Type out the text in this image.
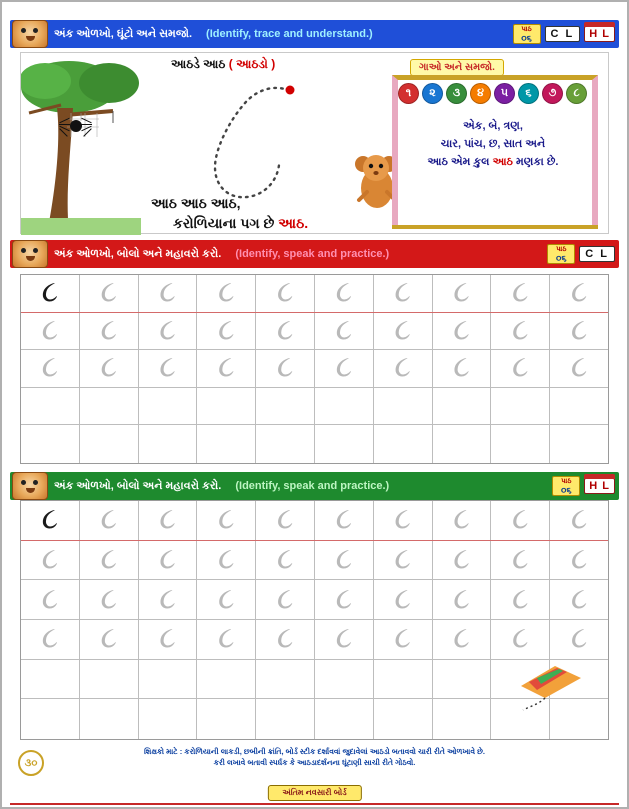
અંક ઓળખો, ઘૂંટો અને સમજો. (Identify, trace and understand.)	પાઠ
૦૬	C L	H L
આઠડે આઠ ( આઠડો )
આઠ આઠ આઠ,
કરોળિયાના પગ છે આઠ.
ગાઓ અને સમજો.
૧	૨	૩	૪	૫	૬	૭	૮
એક, બે, ત્રણ,
ચાર, પાંચ, છ, સાત અને
આઠ એમ કુલ આઠ મણકા છે.
અંક ઓળખો, બોલો અને મહાવરો કરો. (Identify, speak and practice.)	પાઠ
૦૬	C L
૮ ૮ ૮ ૮ ૮ ૮ ૮ ૮ ૮ ૮
૮ ૮ ૮ ૮ ૮ ૮ ૮ ૮ ૮ ૮
૮ ૮ ૮ ૮ ૮ ૮ ૮ ૮ ૮ ૮
અંક ઓળખો, બોલો અને મહાવરો કરો. (Identify, speak and practice.)	પાઠ
૦૬	H L
૮ ૮ ૮ ૮ ૮ ૮ ૮ ૮ ૮ ૮
૮ ૮ ૮ ૮ ૮ ૮ ૮ ૮ ૮ ૮
૮ ૮ ૮ ૮ ૮ ૮ ૮ ૮ ૮ ૮
૮ ૮ ૮ ૮ ૮ ૮ ૮ ૮ ૮ ૮
શિક્ષકો માટે : કરોળિયાની લાકડી, છબીની ક્રાંતિ, બોર્ડ સ્ટીક દર્શાવવાં જુદાવેલાં આઠડો બતાવવો ચારી રીતે ઓળખાવે છે.
કરી લખાવે બતાવી સ્પર્ધક કે આઠડાદર્શનના ઘૂંટાણી સાચી રીતે ગોઠવો.
૩૦
અંતિમ નવસારી બોર્ડ
